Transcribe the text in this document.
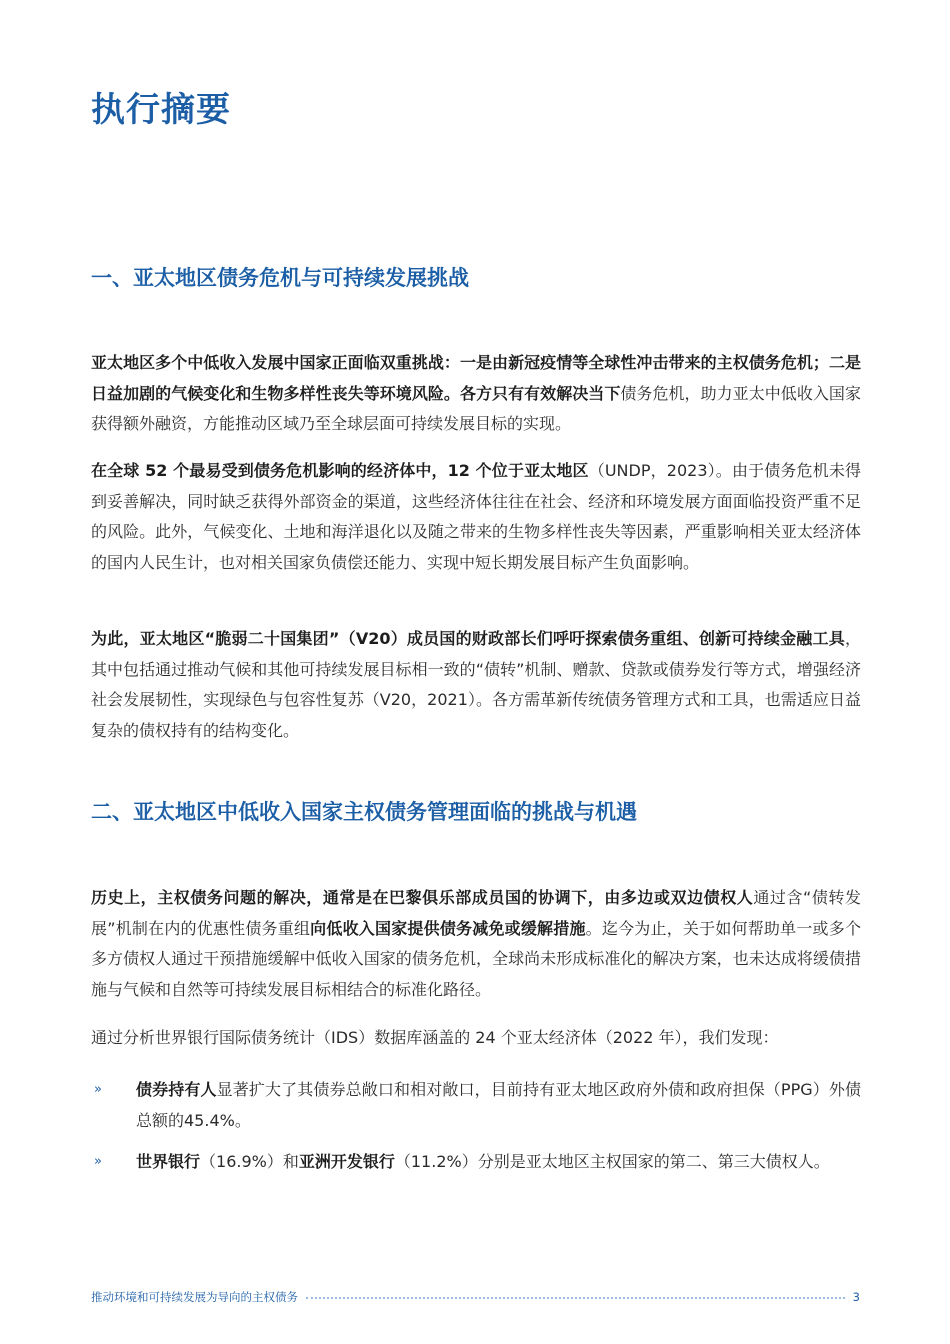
执行摘要
一、亚太地区债务危机与可持续发展挑战

亚太地区多个中低收入发展中国家正面临双重挑战：一是由新冠疫情等全球性冲击带来的主权债务危机；二是日益加剧的气候变化和生物多样性丧失等环境风险。各方只有有效解决当下债务危机，助力亚太中低收入国家获得额外融资，方能推动区域乃至全球层面可持续发展目标的实现。

在全球 52 个最易受到债务危机影响的经济体中，12 个位于亚太地区（UNDP，2023）。由于债务危机未得到妥善解决，同时缺乏获得外部资金的渠道，这些经济体往往在社会、经济和环境发展方面面临投资严重不足的风险。此外，气候变化、土地和海洋退化以及随之带来的生物多样性丧失等因素，严重影响相关亚太经济体的国内人民生计，也对相关国家负债偿还能力、实现中短长期发展目标产生负面影响。

为此，亚太地区“脆弱二十国集团”（V20）成员国的财政部长们呼吁探索债务重组、创新可持续金融工具，其中包括通过推动气候和其他可持续发展目标相一致的“债转”机制、赠款、贷款或债券发行等方式，增强经济社会发展韧性，实现绿色与包容性复苏（V20，2021）。各方需革新传统债务管理方式和工具，也需适应日益复杂的债权持有的结构变化。

二、亚太地区中低收入国家主权债务管理面临的挑战与机遇

历史上，主权债务问题的解决，通常是在巴黎俱乐部成员国的协调下，由多边或双边债权人通过含“债转发展”机制在内的优惠性债务重组向低收入国家提供债务减免或缓解措施。迄今为止，关于如何帮助单一或多个多方债权人通过干预措施缓解中低收入国家的债务危机，全球尚未形成标准化的解决方案，也未达成将缓债措施与气候和自然等可持续发展目标相结合的标准化路径。

通过分析世界银行国际债务统计（IDS）数据库涵盖的 24 个亚太经济体（2022 年），我们发现：

» 债券持有人显著扩大了其债券总敞口和相对敞口，目前持有亚太地区政府外债和政府担保（PPG）外债总额的45.4%。
» 世界银行（16.9%）和亚洲开发银行（11.2%）分别是亚太地区主权国家的第二、第三大债权人。
推动环境和可持续发展为导向的主权债务	3
